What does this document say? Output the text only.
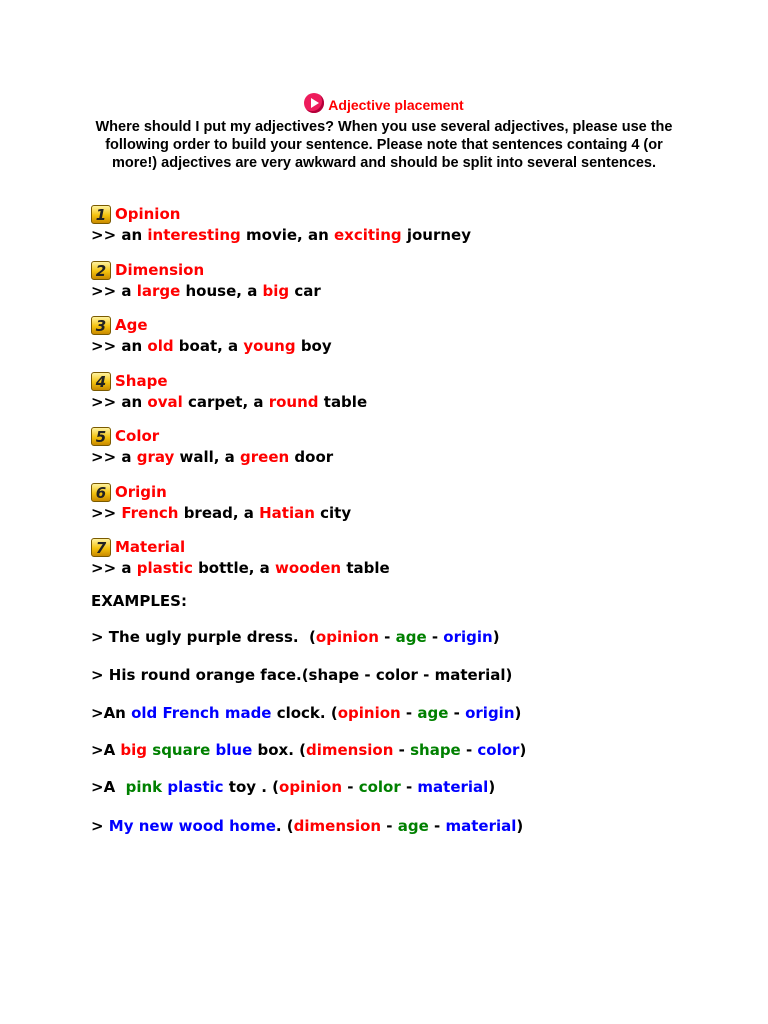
Adjective placement
Where should I put my adjectives? When you use several adjectives, please use the following order to build your sentence. Please note that sentences containg 4 (or more!) adjectives are very awkward and should be split into several sentences.
1 Opinion
>> an interesting movie, an exciting journey
2 Dimension
>> a large house, a big car
3 Age
>> an old boat, a young boy
4 Shape
>> an oval carpet, a round table
5 Color
>> a gray wall, a green door
6 Origin
>> French bread, a Hatian city
7 Material
>> a plastic bottle, a wooden table
EXAMPLES:
> The ugly purple dress.  (opinion - age - origin)
> His round orange face.(shape - color - material)
>An old French made clock. (opinion - age - origin)
>A big square blue box. (dimension - shape - color)
>A  pink plastic toy . (opinion - color - material)
> My new wood home. (dimension - age - material)
